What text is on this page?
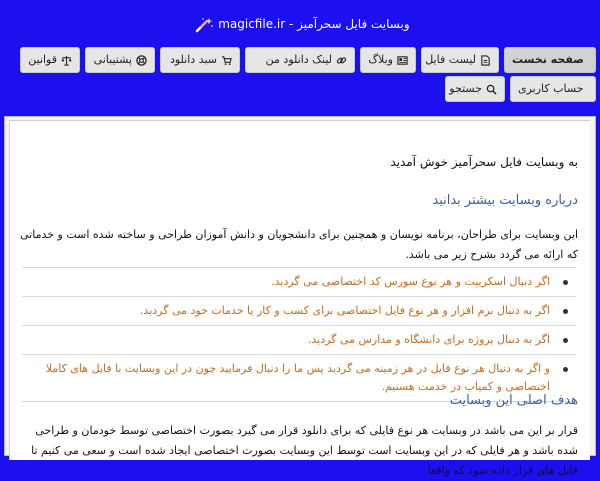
وبسایت فایل سحرآمیز - magicfile.ir
صفحه نخست
لیست فایل
وبلاگ
لینک دانلود من
سبد دانلود
پشتیبانی
قوانین
حساب کاربری
جستجو
به وبسایت فایل سحرآمیز خوش آمدید
درباره وبسایت بیشتر بدانید
این وبسایت برای طراحان، برنامه نویسان و همچنین برای دانشجویان و دانش آموزان طراحی و ساخته شده است و خدماتی که ارائه می گردد بشرح زیر می باشد.
اگر دنبال اسکریپت و هر نوع سورس کد اختصاصی می گردید.
اگر به دنبال نرم افزار و هر نوع فایل اختصاصی برای کسب و کار یا خدمات خود می گردید.
اگر به دنبال پروژه برای دانشگاه و مدارس می گردید.
و اگر به دنبال هر نوع فایل در هر زمینه می گردید پس ما را دنبال فرمایید چون در این وبسایت با فایل های کاملا اختصاصی و کمیاب در خدمت هستیم.
هدف اصلی این وبسایت
قرار بر این می باشد در وبسایت هر نوع فایلی که برای دانلود قرار می گیرد بصورت اختصاصی توسط خودمان و طراحی شده باشد و هر فایلی که در این وبسایت است توسط این وبسایت بصورت اختصاصی ایجاد شده است و سعی می کنیم تا فایل های قرار داده شود که واقعا
